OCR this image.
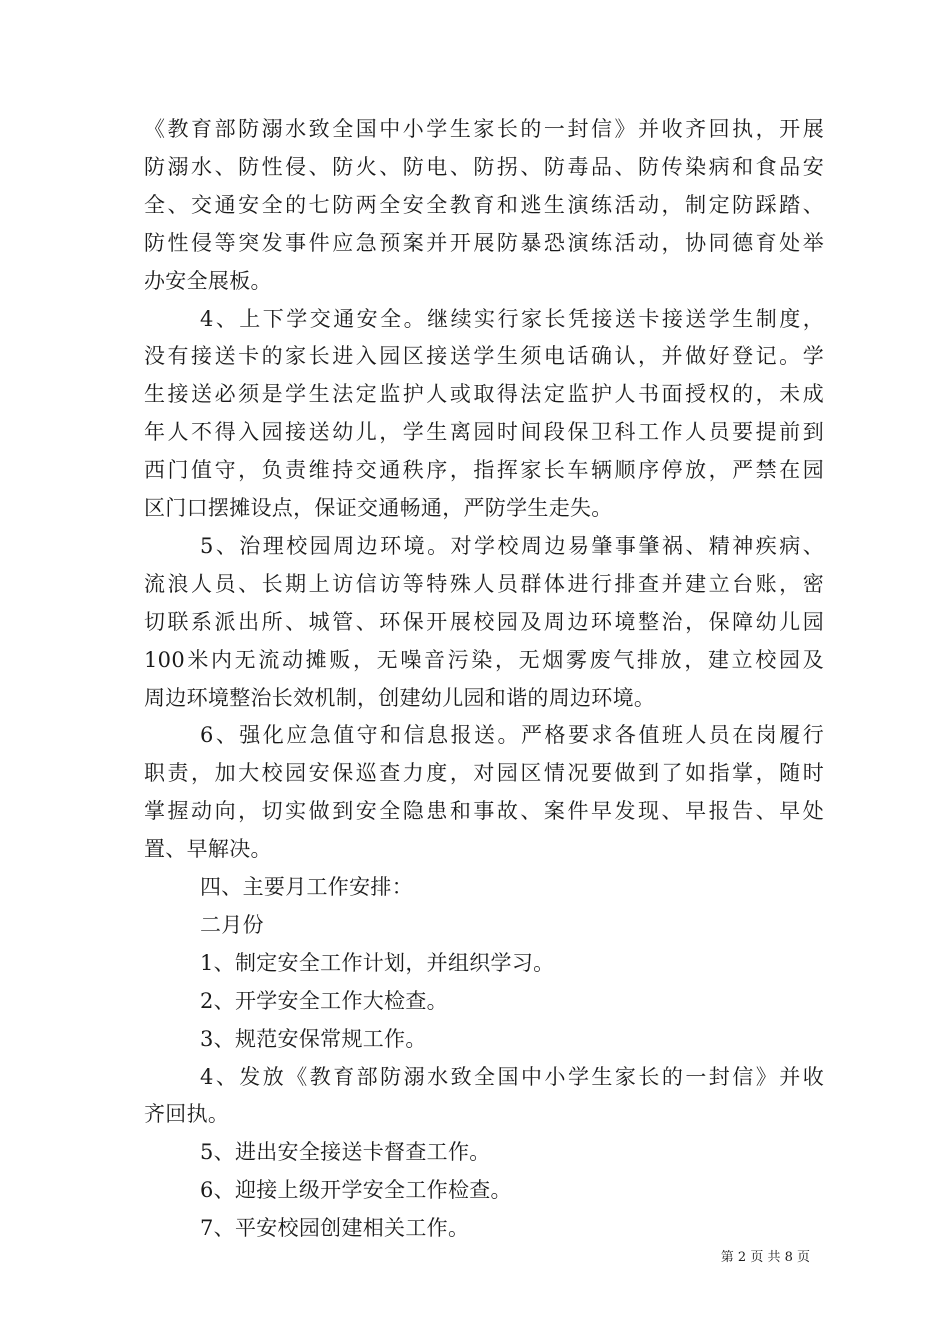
《教育部防溺水致全国中小学生家长的一封信》并收齐回执，开展
防溺水、防性侵、防火、防电、防拐、防毒品、防传染病和食品安
全、交通安全的七防两全安全教育和逃生演练活动，制定防踩踏、
防性侵等突发事件应急预案并开展防暴恐演练活动，协同德育处举
办安全展板。
4、上下学交通安全。继续实行家长凭接送卡接送学生制度，
没有接送卡的家长进入园区接送学生须电话确认，并做好登记。学
生接送必须是学生法定监护人或取得法定监护人书面授权的，未成
年人不得入园接送幼儿，学生离园时间段保卫科工作人员要提前到
西门值守，负责维持交通秩序，指挥家长车辆顺序停放，严禁在园
区门口摆摊设点，保证交通畅通，严防学生走失。
5、治理校园周边环境。对学校周边易肇事肇祸、精神疾病、
流浪人员、长期上访信访等特殊人员群体进行排查并建立台账，密
切联系派出所、城管、环保开展校园及周边环境整治，保障幼儿园
100米内无流动摊贩，无噪音污染，无烟雾废气排放，建立校园及
周边环境整治长效机制，创建幼儿园和谐的周边环境。
6、强化应急值守和信息报送。严格要求各值班人员在岗履行
职责，加大校园安保巡查力度，对园区情况要做到了如指掌，随时
掌握动向，切实做到安全隐患和事故、案件早发现、早报告、早处
置、早解决。
四、主要月工作安排：
二月份
1、制定安全工作计划，并组织学习。
2、开学安全工作大检查。
3、规范安保常规工作。
4、发放《教育部防溺水致全国中小学生家长的一封信》并收
齐回执。
5、进出安全接送卡督查工作。
6、迎接上级开学安全工作检查。
7、平安校园创建相关工作。
第 2 页 共 8 页
